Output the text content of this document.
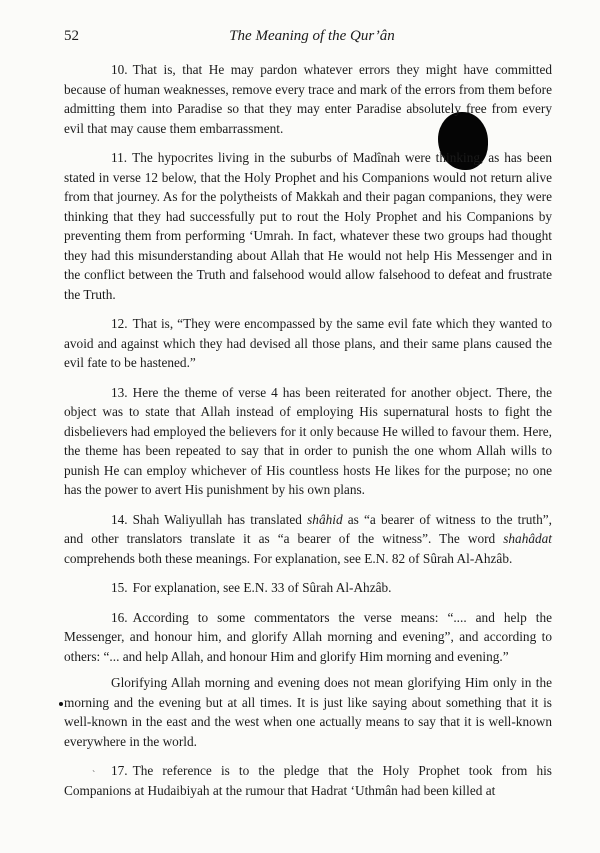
52	The Meaning of the Qur’ân
`

10. That is, that He may pardon whatever errors they might have committed because of human weaknesses, remove every trace and mark of the errors from them before admitting them into Paradise so that they may enter Paradise absolutely free from every evil that may cause them embarrassment.

11. The hypocrites living in the suburbs of Madînah were thinking, as has been stated in verse 12 below, that the Holy Prophet and his Companions would not return alive from that journey. As for the polytheists of Makkah and their pagan companions, they were thinking that they had successfully put to rout the Holy Prophet and his Companions by preventing them from performing ‘Umrah. In fact, whatever these two groups had thought they had this misunderstanding about Allah that He would not help His Messenger and in the conflict between the Truth and falsehood would allow falsehood to defeat and frustrate the Truth.

12. That is, “They were encompassed by the same evil fate which they wanted to avoid and against which they had devised all those plans, and their same plans caused the evil fate to be hastened.”

13. Here the theme of verse 4 has been reiterated for another object. There, the object was to state that Allah instead of employing His supernatural hosts to fight the disbelievers had employed the believers for it only because He willed to favour them. Here, the theme has been repeated to say that in order to punish the one whom Allah wills to punish He can employ whichever of His countless hosts He likes for the purpose; no one has the power to avert His punishment by his own plans.

14. Shah Waliyullah has translated shâhid as “a bearer of witness to the truth”, and other translators translate it as “a bearer of the witness”. The word shahâdat comprehends both these meanings. For explanation, see E.N. 82 of Sûrah Al-Ahzâb.

15. For explanation, see E.N. 33 of Sûrah Al-Ahzâb.

16. According to some commentators the verse means: “.... and help the Messenger, and honour him, and glorify Allah morning and evening”, and according to others: “... and help Allah, and honour Him and glorify Him morning and evening.”

Glorifying Allah morning and evening does not mean glorifying Him only in the morning and the evening but at all times. It is just like saying about something that it is well-known in the east and the west when one actually means to say that it is well-known everywhere in the world.

17. The reference is to the pledge that the Holy Prophet took from his Companions at Hudaibiyah at the rumour that Hadrat ‘Uthmân had been killed at
